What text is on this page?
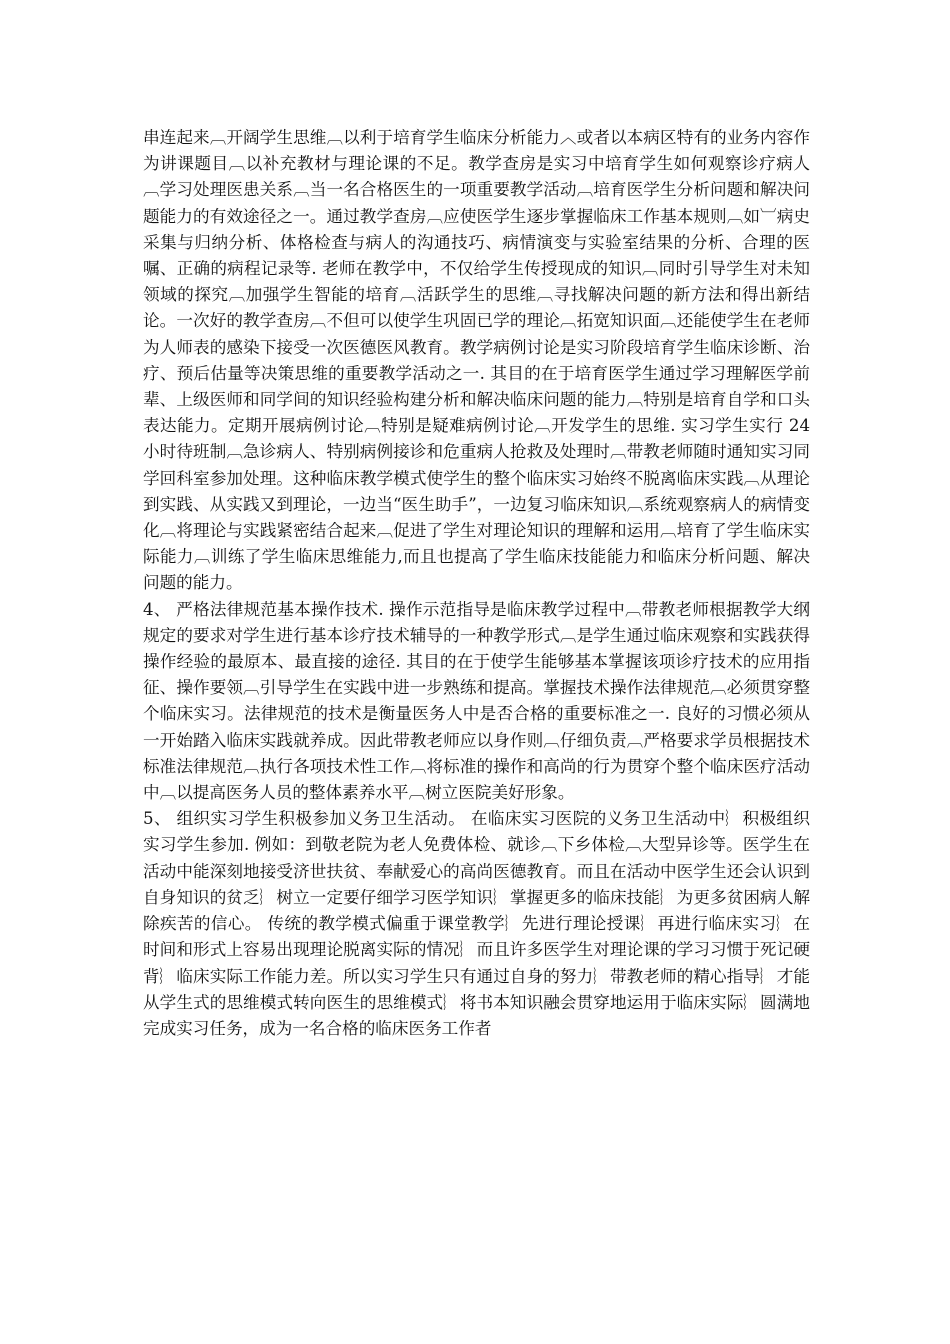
串连起来︹开阔学生思维︹以利于培育学生临床分析能力︿或者以本病区特有的业务内容作为讲课题目︹以补充教材与理论课的不足。教学查房是实习中培育学生如何观察诊疗病人︹学习处理医患关系︹当一名合格医生的一项重要教学活动︹培育医学生分析问题和解决问题能力的有效途径之一。通过教学查房︹应使医学生逐步掌握临床工作基本规则︹如︺病史采集与归纳分析、体格检查与病人的沟通技巧、病情演变与实验室结果的分析、合理的医嘱、正确的病程记录等. 老师在教学中，不仅给学生传授现成的知识︹同时引导学生对未知领域的探究︹加强学生智能的培育︹活跃学生的思维︹寻找解决问题的新方法和得出新结论。一次好的教学查房︹不但可以使学生巩固已学的理论︹拓宽知识面︹还能使学生在老师为人师表的感染下接受一次医德医风教育。教学病例讨论是实习阶段培育学生临床诊断、治疗、预后估量等决策思维的重要教学活动之一. 其目的在于培育医学生通过学习理解医学前辈、上级医师和同学间的知识经验构建分析和解决临床问题的能力︹特别是培育自学和口头表达能力。定期开展病例讨论︹特别是疑难病例讨论︹开发学生的思维. 实习学生实行 24 小时待班制︹急诊病人、特别病例接诊和危重病人抢救及处理时︹带教老师随时通知实习同学回科室参加处理。这种临床教学模式使学生的整个临床实习始终不脱离临床实践︹从理论到实践、从实践又到理论，一边当“医生助手”，一边复习临床知识︹系统观察病人的病情变化︹将理论与实践紧密结合起来︹促进了学生对理论知识的理解和运用︹培育了学生临床实际能力︹训练了学生临床思维能力,而且也提高了学生临床技能能力和临床分析问题、解决问题的能力。

4、 严格法律规范基本操作技术. 操作示范指导是临床教学过程中︹带教老师根据教学大纲规定的要求对学生进行基本诊疗技术辅导的一种教学形式︹是学生通过临床观察和实践获得操作经验的最原本、最直接的途径. 其目的在于使学生能够基本掌握该项诊疗技术的应用指征、操作要领︹引导学生在实践中进一步熟练和提高。掌握技术操作法律规范︹必须贯穿整个临床实习。法律规范的技术是衡量医务人中是否合格的重要标准之一. 良好的习惯必须从一开始踏入临床实践就养成。因此带教老师应以身作则︹仔细负责︹严格要求学员根据技术标准法律规范︹执行各项技术性工作︹将标准的操作和高尚的行为贯穿个整个临床医疗活动中︹以提高医务人员的整体素养水平︹树立医院美好形象。

5、 组织实习学生积极参加义务卫生活动。 在临床实习医院的义务卫生活动中︴积极组织实习学生参加. 例如：到敬老院为老人免费体检、就诊︹下乡体检︹大型异诊等。医学生在活动中能深刻地接受济世扶贫、奉献爱心的高尚医德教育。而且在活动中医学生还会认识到自身知识的贫乏︴树立一定要仔细学习医学知识︴掌握更多的临床技能︴为更多贫困病人解除疾苦的信心。 传统的教学模式偏重于课堂教学︴先进行理论授课︴再进行临床实习︴在时间和形式上容易出现理论脱离实际的情况︴而且许多医学生对理论课的学习习惯于死记硬背︴临床实际工作能力差。所以实习学生只有通过自身的努力︴带教老师的精心指导︴才能从学生式的思维模式转向医生的思维模式︴将书本知识融会贯穿地运用于临床实际︴圆满地完成实习任务，成为一名合格的临床医务工作者
